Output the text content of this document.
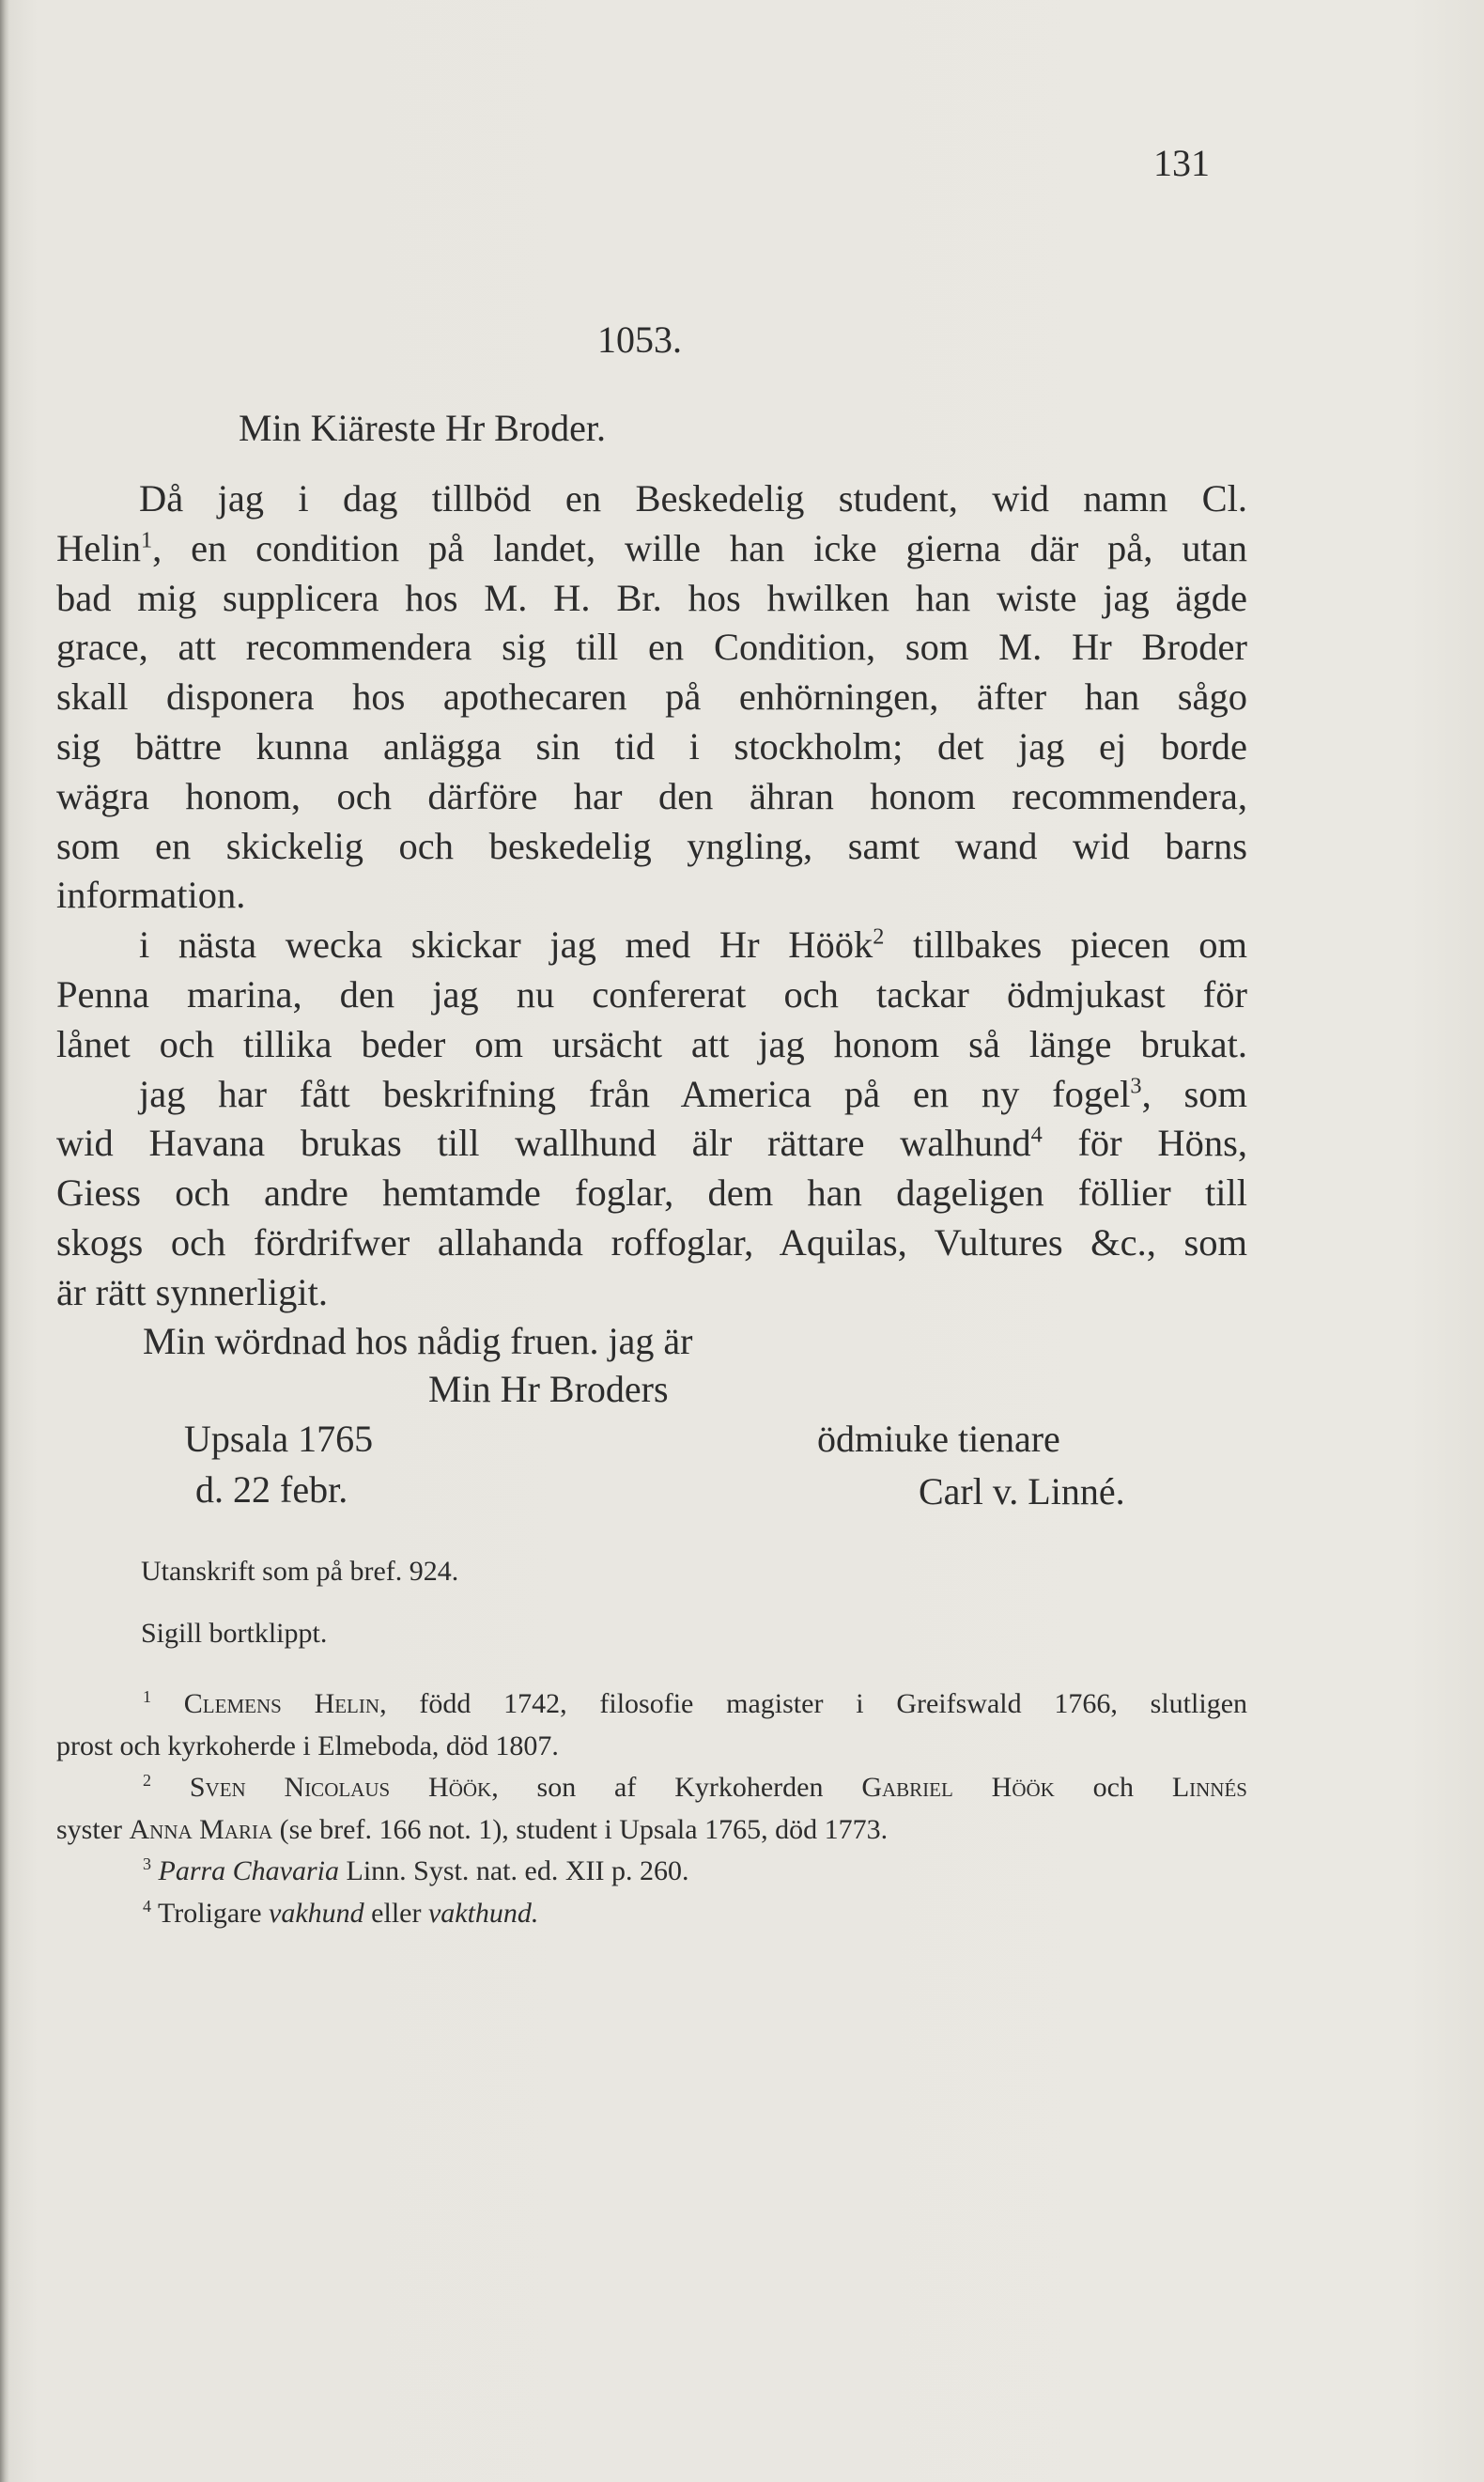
131
1053.
Min Kiäreste Hr Broder.
Då jag i dag tillböd en Beskedelig student, wid namn Cl.
Helin$^1$, en condition på landet, wille han icke gierna där på, utan
bad mig supplicera hos M. H. Br. hos hwilken han wiste jag ägde
grace, att recommendera sig till en Condition, som M. Hr Broder
skall disponera hos apothecaren på enhörningen, äfter han sågo
sig bättre kunna anlägga sin tid i stockholm; det jag ej borde
wägra honom, och därföre har den ähran honom recommendera,
som en skickelig och beskedelig yngling, samt wand wid barns
information.
i nästa wecka skickar jag med Hr Höök$^2$ tillbakes piecen om
Penna marina, den jag nu confererat och tackar ödmjukast för
lånet och tillika beder om ursächt att jag honom så länge brukat.
jag har fått beskrifning från America på en ny fogel$^3$, som
wid Havana brukas till wallhund älr rättare walhund$^4$ för Höns,
Giess och andre hemtamde foglar, dem han dageligen föllier till
skogs och fördrifwer allahanda roffoglar, Aquilas, Vultures &c., som
är rätt synnerligit.
Min wördnad hos nådig fruen. jag är
Min Hr Broders
Upsala 1765
d. 22 febr.
ödmiuke tienare
Carl v. Linné.
Utanskrift som på bref. 924.
Sigill bortklippt.
$^1$ Clemens Helin, född 1742, filosofie magister i Greifswald 1766, slutligen
prost och kyrkoherde i Elmeboda, död 1807.
$^2$ Sven Nicolaus Höök, son af Kyrkoherden Gabriel Höök och Linnés
syster Anna Maria (se bref. 166 not. 1), student i Upsala 1765, död 1773.
$^3$ Parra Chavaria Linn. Syst. nat. ed. XII p. 260.
$^4$ Troligare vakhund eller vakthund.
